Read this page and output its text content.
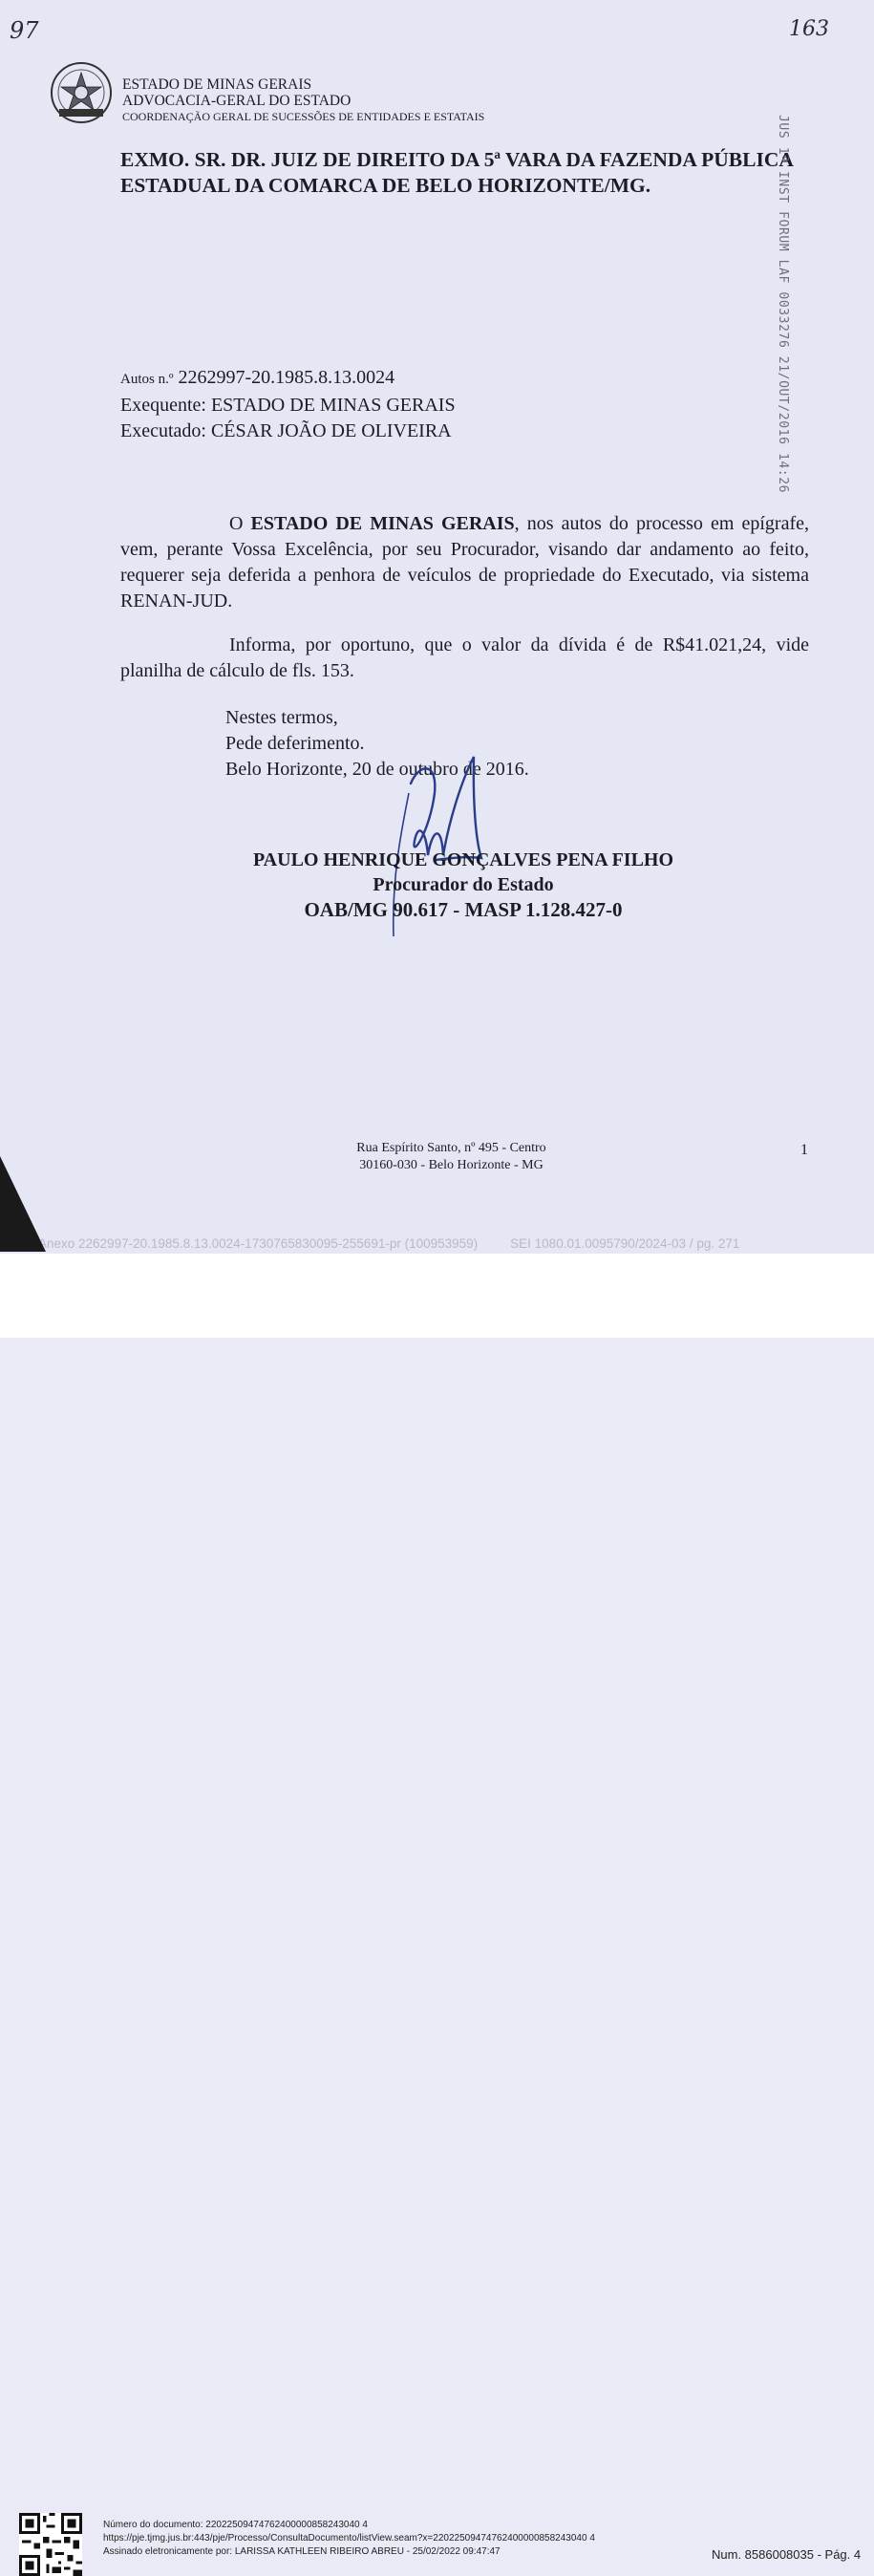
97	163
ESTADO DE MINAS GERAIS
ADVOCACIA-GERAL DO ESTADO
COORDENAÇÃO GERAL DE SUCESSÕES DE ENTIDADES E ESTATAIS
EXMO. SR. DR. JUIZ DE DIREITO DA 5ª VARA DA FAZENDA PÚBLICA
ESTADUAL DA COMARCA DE BELO HORIZONTE/MG.	JUS 1ª INST FORUM LAF 0033276 21/OUT/2016 14:26
Autos n.º 2262997-20.1985.8.13.0024
Exequente: ESTADO DE MINAS GERAIS
Executado: CÉSAR JOÃO DE OLIVEIRA
O ESTADO DE MINAS GERAIS, nos autos do processo em epígrafe, vem, perante Vossa Excelência, por seu Procurador, visando dar andamento ao feito, requerer seja deferida a penhora de veículos de propriedade do Executado, via sistema RENAN-JUD.
Informa, por oportuno, que o valor da dívida é de R$41.021,24, vide planilha de cálculo de fls. 153.
Nestes termos,
Pede deferimento.
Belo Horizonte, 20 de outubro de 2016.
PAULO HENRIQUE GONÇALVES PENA FILHO
Procurador do Estado
OAB/MG 90.617 - MASP 1.128.427-0
Rua Espírito Santo, nº 495 - Centro
30160-030 - Belo Horizonte - MG
1
Anexo 2262997-20.1985.8.13.0024-1730765830095-255691-pr (100953959)	SEI 1080.01.0095790/2024-03 / pg. 271
Número do documento: 22022509474762400000858243040 4
https://pje.tjmg.jus.br:443/pje/Processo/ConsultaDocumento/listView.seam?x=22022509474762400000858243040 4
Assinado eletronicamente por: LARISSA KATHLEEN RIBEIRO ABREU - 25/02/2022 09:47:47	Num. 8586008035 - Pág. 4
